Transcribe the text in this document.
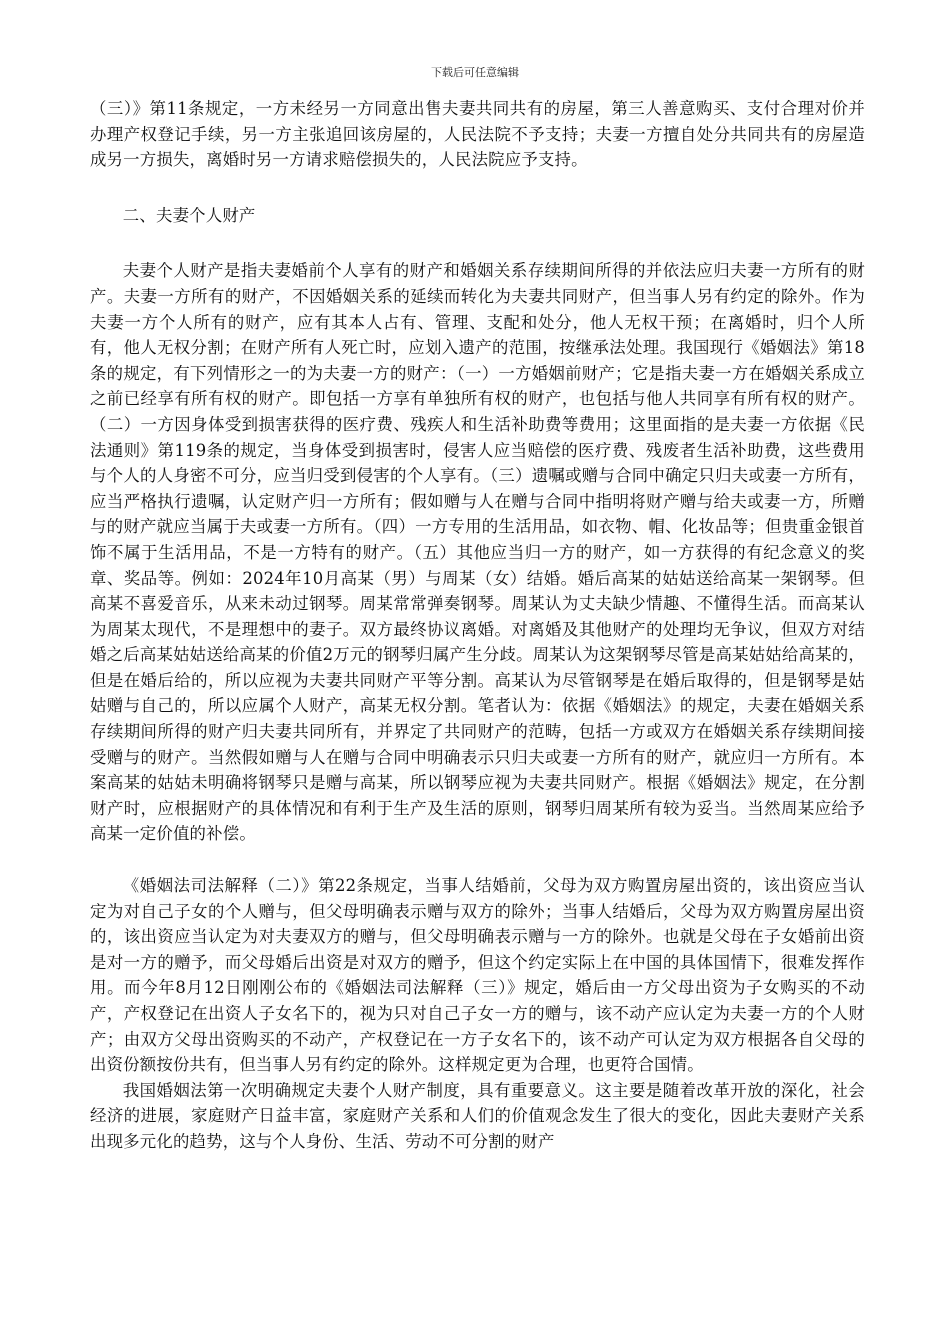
下载后可任意编辑

（三）》第11条规定，一方未经另一方同意出售夫妻共同共有的房屋，第三人善意购买、支付合理对价并办理产权登记手续，另一方主张追回该房屋的，人民法院不予支持；夫妻一方擅自处分共同共有的房屋造成另一方损失，离婚时另一方请求赔偿损失的，人民法院应予支持。

二、夫妻个人财产

夫妻个人财产是指夫妻婚前个人享有的财产和婚姻关系存续期间所得的并依法应归夫妻一方所有的财产。夫妻一方所有的财产，不因婚姻关系的延续而转化为夫妻共同财产，但当事人另有约定的除外。作为夫妻一方个人所有的财产，应有其本人占有、管理、支配和处分，他人无权干预；在离婚时，归个人所有，他人无权分割；在财产所有人死亡时，应划入遗产的范围，按继承法处理。我国现行《婚姻法》第18条的规定，有下列情形之一的为夫妻一方的财产：（一）一方婚姻前财产；它是指夫妻一方在婚姻关系成立之前已经享有所有权的财产。即包括一方享有单独所有权的财产，也包括与他人共同享有所有权的财产。（二）一方因身体受到损害获得的医疗费、残疾人和生活补助费等费用；这里面指的是夫妻一方依据《民法通则》第119条的规定，当身体受到损害时，侵害人应当赔偿的医疗费、残废者生活补助费，这些费用与个人的人身密不可分，应当归受到侵害的个人享有。（三）遗嘱或赠与合同中确定只归夫或妻一方所有，应当严格执行遗嘱，认定财产归一方所有；假如赠与人在赠与合同中指明将财产赠与给夫或妻一方，所赠与的财产就应当属于夫或妻一方所有。（四）一方专用的生活用品，如衣物、帽、化妆品等；但贵重金银首饰不属于生活用品，不是一方特有的财产。（五）其他应当归一方的财产，如一方获得的有纪念意义的奖章、奖品等。例如：2024年10月高某（男）与周某（女）结婚。婚后高某的姑姑送给高某一架钢琴。但高某不喜爱音乐，从来未动过钢琴。周某常常弹奏钢琴。周某认为丈夫缺少情趣、不懂得生活。而高某认为周某太现代，不是理想中的妻子。双方最终协议离婚。对离婚及其他财产的处理均无争议，但双方对结婚之后高某姑姑送给高某的价值2万元的钢琴归属产生分歧。周某认为这架钢琴尽管是高某姑姑给高某的，但是在婚后给的，所以应视为夫妻共同财产平等分割。高某认为尽管钢琴是在婚后取得的，但是钢琴是姑姑赠与自己的，所以应属个人财产，高某无权分割。笔者认为：依据《婚姻法》的规定，夫妻在婚姻关系存续期间所得的财产归夫妻共同所有，并界定了共同财产的范畴，包括一方或双方在婚姻关系存续期间接受赠与的财产。当然假如赠与人在赠与合同中明确表示只归夫或妻一方所有的财产，就应归一方所有。本案高某的姑姑未明确将钢琴只是赠与高某，所以钢琴应视为夫妻共同财产。根据《婚姻法》规定，在分割财产时，应根据财产的具体情况和有利于生产及生活的原则，钢琴归周某所有较为妥当。当然周某应给予高某一定价值的补偿。

《婚姻法司法解释（二）》第22条规定，当事人结婚前，父母为双方购置房屋出资的，该出资应当认定为对自己子女的个人赠与，但父母明确表示赠与双方的除外；当事人结婚后，父母为双方购置房屋出资的，该出资应当认定为对夫妻双方的赠与，但父母明确表示赠与一方的除外。也就是父母在子女婚前出资是对一方的赠予，而父母婚后出资是对双方的赠予，但这个约定实际上在中国的具体国情下，很难发挥作用。而今年8月12日刚刚公布的《婚姻法司法解释（三）》规定，婚后由一方父母出资为子女购买的不动产，产权登记在出资人子女名下的，视为只对自己子女一方的赠与，该不动产应认定为夫妻一方的个人财产；由双方父母出资购买的不动产，产权登记在一方子女名下的，该不动产可认定为双方根据各自父母的出资份额按份共有，但当事人另有约定的除外。这样规定更为合理，也更符合国情。

我国婚姻法第一次明确规定夫妻个人财产制度，具有重要意义。这主要是随着改革开放的深化，社会经济的进展，家庭财产日益丰富，家庭财产关系和人们的价值观念发生了很大的变化，因此夫妻财产关系出现多元化的趋势，这与个人身份、生活、劳动不可分割的财产
